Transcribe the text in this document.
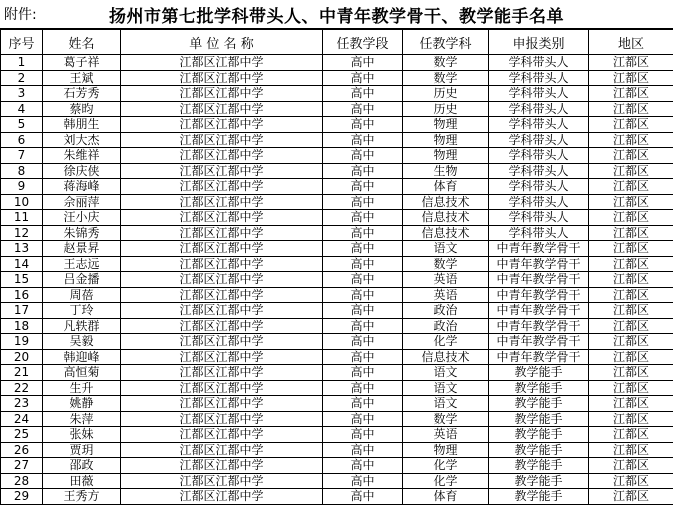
附件:	扬州市第七批学科带头人、中青年教学骨干、教学能手名单
序号	姓名	单 位 名 称	任教学段	任教学科	申报类别	地区
1	葛子祥	江都区江都中学	高中	数学	学科带头人	江都区
2	王斌	江都区江都中学	高中	数学	学科带头人	江都区
3	石芳秀	江都区江都中学	高中	历史	学科带头人	江都区
4	蔡昀	江都区江都中学	高中	历史	学科带头人	江都区
5	韩朋生	江都区江都中学	高中	物理	学科带头人	江都区
6	刘大杰	江都区江都中学	高中	物理	学科带头人	江都区
7	朱维祥	江都区江都中学	高中	物理	学科带头人	江都区
8	徐庆侠	江都区江都中学	高中	生物	学科带头人	江都区
9	蒋海峰	江都区江都中学	高中	体育	学科带头人	江都区
10	佘丽萍	江都区江都中学	高中	信息技术	学科带头人	江都区
11	汪小庆	江都区江都中学	高中	信息技术	学科带头人	江都区
12	朱锦秀	江都区江都中学	高中	信息技术	学科带头人	江都区
13	赵景昇	江都区江都中学	高中	语文	中青年教学骨干	江都区
14	王志远	江都区江都中学	高中	数学	中青年教学骨干	江都区
15	吕金播	江都区江都中学	高中	英语	中青年教学骨干	江都区
16	周蓓	江都区江都中学	高中	英语	中青年教学骨干	江都区
17	丁玲	江都区江都中学	高中	政治	中青年教学骨干	江都区
18	凡轶群	江都区江都中学	高中	政治	中青年教学骨干	江都区
19	吴毅	江都区江都中学	高中	化学	中青年教学骨干	江都区
20	韩迎峰	江都区江都中学	高中	信息技术	中青年教学骨干	江都区
21	高恒菊	江都区江都中学	高中	语文	教学能手	江都区
22	生升	江都区江都中学	高中	语文	教学能手	江都区
23	姚静	江都区江都中学	高中	语文	教学能手	江都区
24	朱萍	江都区江都中学	高中	数学	教学能手	江都区
25	张妹	江都区江都中学	高中	英语	教学能手	江都区
26	贾玥	江都区江都中学	高中	物理	教学能手	江都区
27	邵政	江都区江都中学	高中	化学	教学能手	江都区
28	田薇	江都区江都中学	高中	化学	教学能手	江都区
29	王秀方	江都区江都中学	高中	体育	教学能手	江都区
